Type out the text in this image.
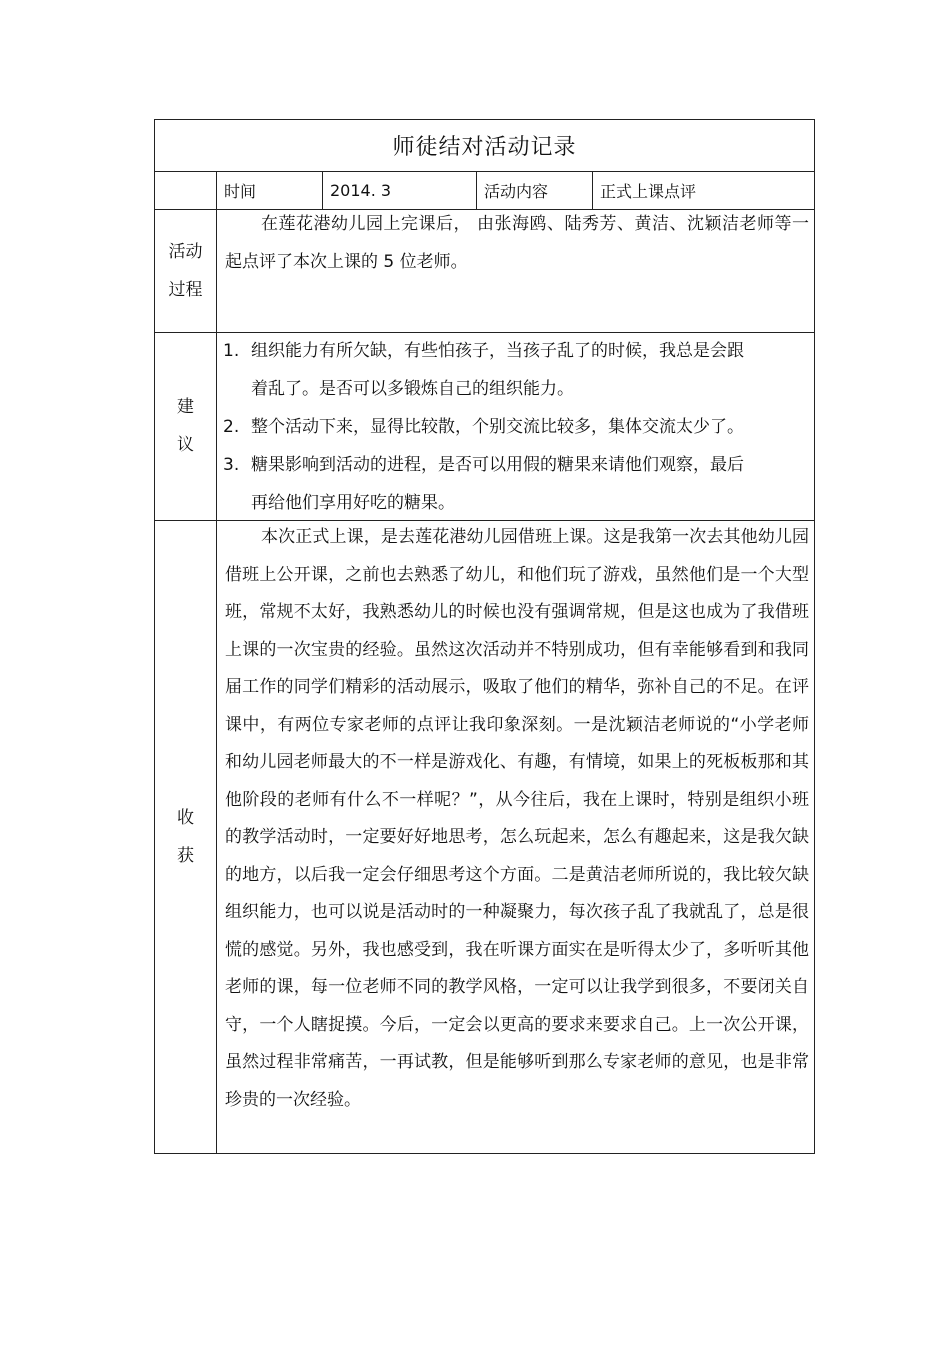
师徒结对活动记录
时间	2014. 3	活动内容	正式上课点评
活动
过程

在莲花港幼儿园上完课后， 由张海鸥、陆秀芳、黄洁、沈颖洁老师等一起点评了本次上课的 5 位老师。

建
议
1. 组织能力有所欠缺，有些怕孩子，当孩子乱了的时候，我总是会跟
着乱了。是否可以多锻炼自己的组织能力。
2. 整个活动下来，显得比较散，个别交流比较多，集体交流太少了。
3. 糖果影响到活动的进程，是否可以用假的糖果来请他们观察，最后
再给他们享用好吃的糖果。
收
获

本次正式上课，是去莲花港幼儿园借班上课。这是我第一次去其他幼儿园借班上公开课，之前也去熟悉了幼儿，和他们玩了游戏，虽然他们是一个大型班，常规不太好，我熟悉幼儿的时候也没有强调常规，但是这也成为了我借班上课的一次宝贵的经验。虽然这次活动并不特别成功，但有幸能够看到和我同届工作的同学们精彩的活动展示，吸取了他们的精华，弥补自己的不足。在评课中，有两位专家老师的点评让我印象深刻。一是沈颖洁老师说的“小学老师和幼儿园老师最大的不一样是游戏化、有趣，有情境，如果上的死板板那和其他阶段的老师有什么不一样呢？”，从今往后，我在上课时，特别是组织小班的教学活动时，一定要好好地思考，怎么玩起来，怎么有趣起来，这是我欠缺的地方，以后我一定会仔细思考这个方面。二是黄洁老师所说的，我比较欠缺组织能力，也可以说是活动时的一种凝聚力，每次孩子乱了我就乱了，总是很慌的感觉。另外，我也感受到，我在听课方面实在是听得太少了，多听听其他老师的课，每一位老师不同的教学风格，一定可以让我学到很多，不要闭关自守，一个人瞎捉摸。今后，一定会以更高的要求来要求自己。上一次公开课，虽然过程非常痛苦，一再试教，但是能够听到那么专家老师的意见，也是非常珍贵的一次经验。
